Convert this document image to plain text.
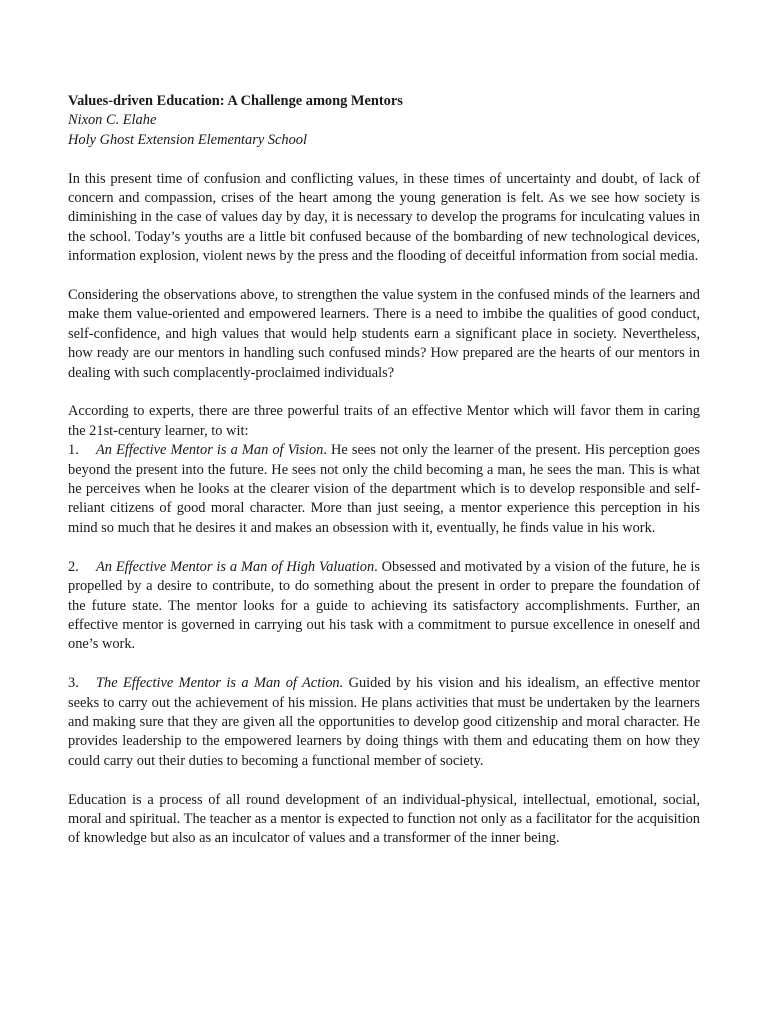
Values-driven Education: A Challenge among Mentors

Nixon C. Elahe

Holy Ghost Extension Elementary School

In this present time of confusion and conflicting values, in these times of uncertainty and doubt, of lack of concern and compassion, crises of the heart among the young generation is felt. As we see how society is diminishing in the case of values day by day, it is necessary to develop the programs for inculcating values in the school. Today’s youths are a little bit confused because of the bombarding of new technological devices, information explosion, violent news by the press and the flooding of deceitful information from social media.

Considering the observations above, to strengthen the value system in the confused minds of the learners and make them value-oriented and empowered learners. There is a need to imbibe the qualities of good conduct, self-confidence, and high values that would help students earn a significant place in society. Nevertheless, how ready are our mentors in handling such confused minds? How prepared are the hearts of our mentors in dealing with such complacently-proclaimed individuals?

According to experts, there are three powerful traits of an effective Mentor which will favor them in caring the 21st-century learner, to wit:

1. An Effective Mentor is a Man of Vision. He sees not only the learner of the present. His perception goes beyond the present into the future. He sees not only the child becoming a man, he sees the man. This is what he perceives when he looks at the clearer vision of the department which is to develop responsible and self-reliant citizens of good moral character. More than just seeing, a mentor experience this perception in his mind so much that he desires it and makes an obsession with it, eventually, he finds value in his work.

2. An Effective Mentor is a Man of High Valuation. Obsessed and motivated by a vision of the future, he is propelled by a desire to contribute, to do something about the present in order to prepare the foundation of the future state. The mentor looks for a guide to achieving its satisfactory accomplishments. Further, an effective mentor is governed in carrying out his task with a commitment to pursue excellence in oneself and one’s work.

3. The Effective Mentor is a Man of Action. Guided by his vision and his idealism, an effective mentor seeks to carry out the achievement of his mission. He plans activities that must be undertaken by the learners and making sure that they are given all the opportunities to develop good citizenship and moral character. He provides leadership to the empowered learners by doing things with them and educating them on how they could carry out their duties to becoming a functional member of society.

Education is a process of all round development of an individual-physical, intellectual, emotional, social, moral and spiritual. The teacher as a mentor is expected to function not only as a facilitator for the acquisition of knowledge but also as an inculcator of values and a transformer of the inner being.
